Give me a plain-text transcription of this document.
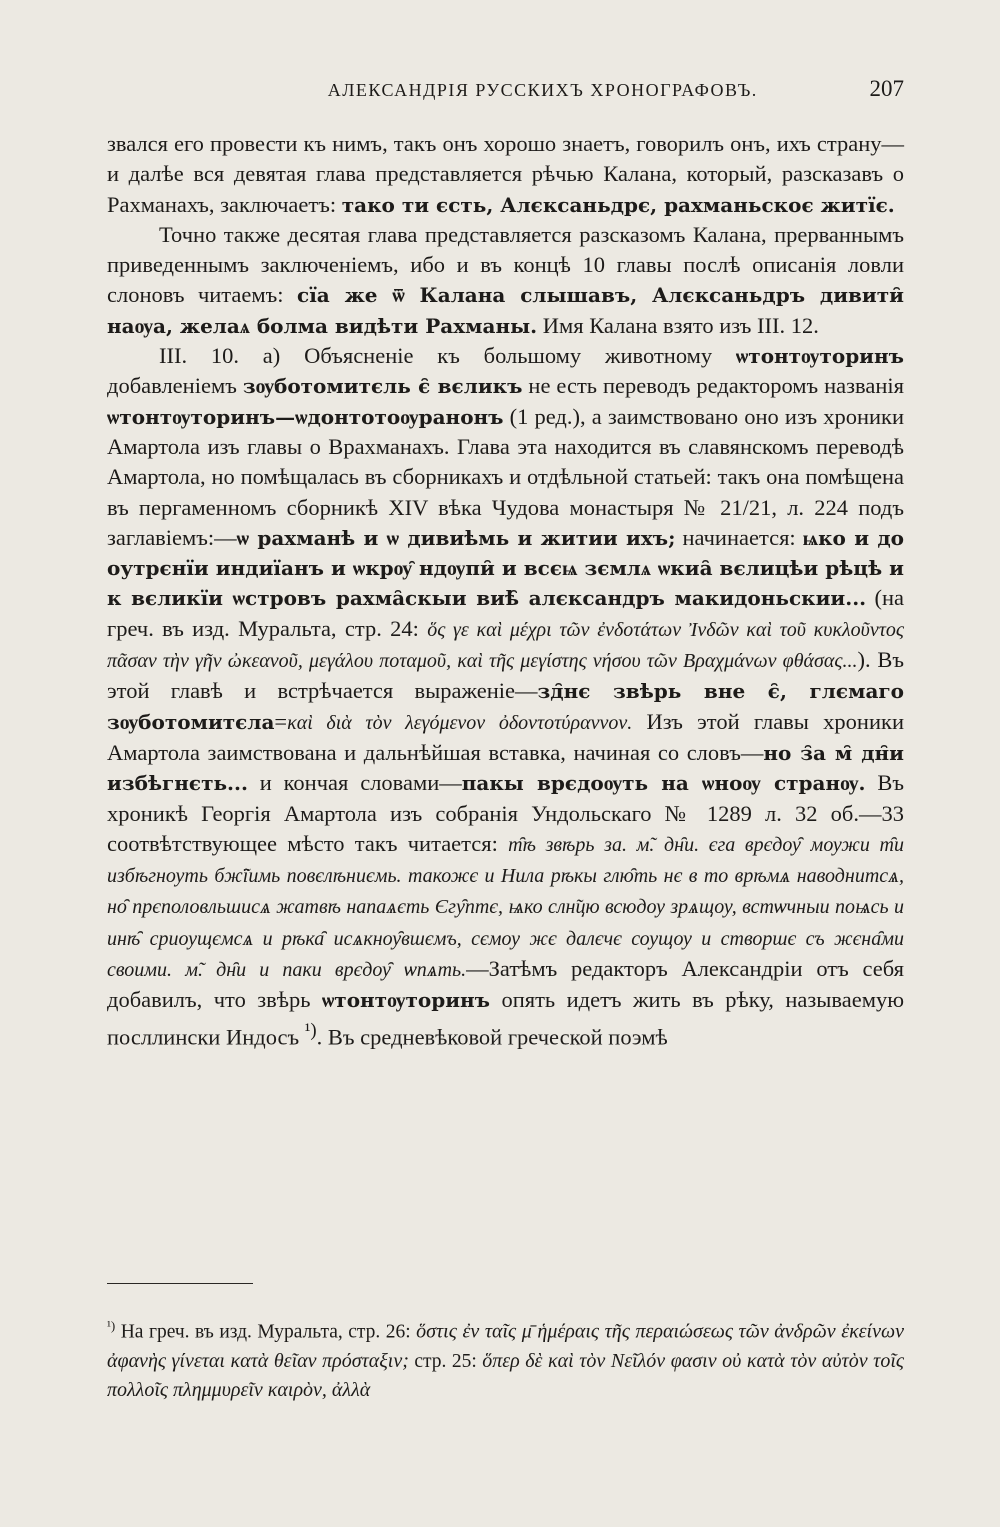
АЛЕКСАНДРІЯ РУССКИХЪ ХРОНОГРАФОВЪ.	207

звался его провести къ нимъ, такъ онъ хорошо знаетъ, говорилъ онъ, ихъ страну—и далѣе вся девятая глава представляется рѣчью Калана, который, разсказавъ о Рахманахъ, заключаетъ: тако ти єсть, Алєксаньдрє, рахманьскоє житїє.

Точно также десятая глава представляется разсказомъ Калана, прерваннымъ приведеннымъ заключеніемъ, ибо и въ концѣ 10 главы послѣ описанія ловли слоновъ читаемъ: сїа же ѿ Калана слышавъ, Алєксаньдръ дивити̑ наѹа, желаѧ болма видѣти Рахманы. Имя Калана взято изъ III. 12.

III. 10. а) Объясненіе къ большому животному ѡтонтѹторинъ добавленіемъ зѹботомитєль є̑ вєликъ не есть переводъ редакторомъ названія ѡтонтѹторинъ—ѡдонтотоѹранонъ (1 ред.), а заимствовано оно изъ хроники Амартола изъ главы о Врахманахъ. Глава эта находится въ славянскомъ переводѣ Амартола, но помѣщалась въ сборникахъ и отдѣльной статьей: такъ она помѣщена въ пергаменномъ сборникѣ XIV вѣка Чудова монастыря № 21/21, л. 224 подъ заглавіемъ:—ѡ рахманѣ и ѡ дивиѣмь и житии ихъ; начинается: ѩко и до оутрєнїи индиїанъ и ѡкрѹ̑ ндѹпи̑ и всєѩ зємлѧ ѡкиа̑ вєлицѣи рѣцѣ и к вєликїи ѡстровъ рахма̑скыи виѣ̑ алєксандръ макидоньскии... (на греч. въ изд. Муральта, стр. 24: ὅς γε καὶ μέχρι τῶν ἐνδοτάτων Ἰνδῶν καὶ τοῦ κυκλοῦντος πᾶσαν τὴν γῆν ὠκεανοῦ, μεγάλου ποταμοῦ, καὶ τῆς μεγίστης νήσου τῶν Βραχμάνων φθάσας...). Въ этой главѣ и встрѣчается выраженіе—зд̑нє звѣрь вне є̑, глємаго зѹботомитєла=καὶ διὰ τὸν λεγόμενον ὀδοντοτύραννον. Изъ этой главы хроники Амартола заимствована и дальнѣйшая вставка, начиная со словъ—но з̑а м̑ дн̑и избѣгнєть... и кончая словами—пакы врєдоѹть на ѡноѹ странѹ. Въ хроникѣ Георгія Амартола изъ собранія Ундольскаго № 1289 л. 32 об.—33 соотвѣтствующее мѣсто такъ читается: т̑ѣ звѣрь за. м̃. дн̑и. єга врєдоу̑ моужи т̑и избѣгноуть бж̃їимь повєлѣниємь. такожє и Нила рѣкы глю̑ть нє в то врѣмѧ наводнитсѧ, но̑ прєполовльшисѧ жатвѣ напаѧєть Єгу̑птє, ѩко слн̃цю всюдоу зрѧщоу, встѡчныи поѩсь и инѣ̑ сриоущємсѧ и рѣка̑ исѧкноу̑вшємъ, сємоу жє далєчє соущоу и створшє съ жєна̑ми своими. м̃. дн̑и и паки врєдоу̑ ѡпѧть.—Затѣмъ редакторъ Александріи отъ себя добавилъ, что звѣрь ѡтонтѹторинъ опять идетъ жить въ рѣку, называемую посллински Индосъ $^{^1)}$. Въ средневѣковой греческой поэмѣ

$^{^1)}$ На греч. въ изд. Муральта, стр. 26: ὅστις ἐν ταῖς μ̄ ἡμέραις τῆς περαιώσεως τῶν ἀνδρῶν ἐκείνων ἀφανὴς γίνεται κατὰ θεῖαν πρόσταξιν; стр. 25: ὅπερ δὲ καὶ τὸν Νεῖλόν φασιν οὐ κατὰ τὸν αὐτὸν τοῖς πολλοῖς πλημμυρεῖν καιρὸν, ἀλλὰ
